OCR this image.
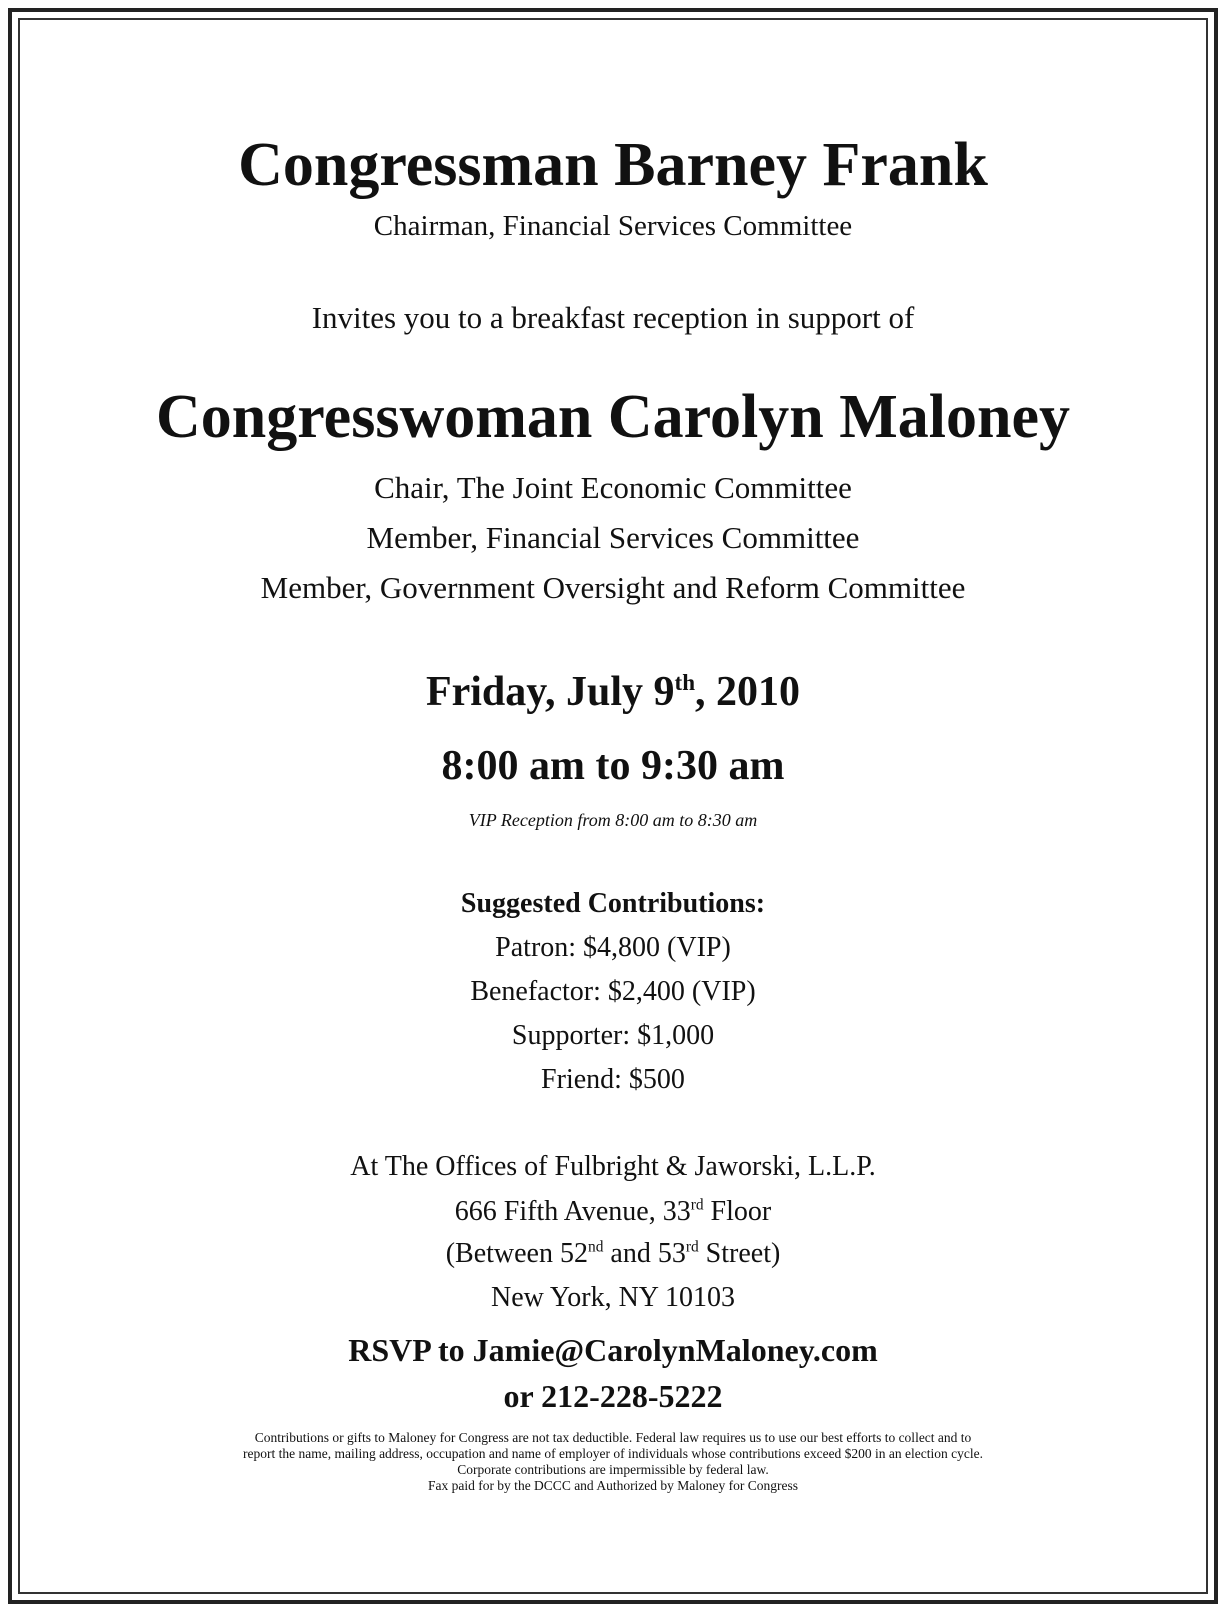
Congressman Barney Frank
Chairman, Financial Services Committee
Invites you to a breakfast reception in support of
Congresswoman Carolyn Maloney
Chair, The Joint Economic Committee
Member, Financial Services Committee
Member, Government Oversight and Reform Committee
Friday, July 9th, 2010
8:00 am to 9:30 am
VIP Reception from 8:00 am to 8:30 am
Suggested Contributions:
Patron: $4,800 (VIP)
Benefactor: $2,400 (VIP)
Supporter: $1,000
Friend: $500
At The Offices of Fulbright & Jaworski, L.L.P.
666 Fifth Avenue, 33rd Floor
(Between 52nd and 53rd Street)
New York, NY 10103
RSVP to Jamie@CarolynMaloney.com
or 212-228-5222
Contributions or gifts to Maloney for Congress are not tax deductible. Federal law requires us to use our best efforts to collect and to
report the name, mailing address, occupation and name of employer of individuals whose contributions exceed $200 in an election cycle.
Corporate contributions are impermissible by federal law.
Fax paid for by the DCCC and Authorized by Maloney for Congress
